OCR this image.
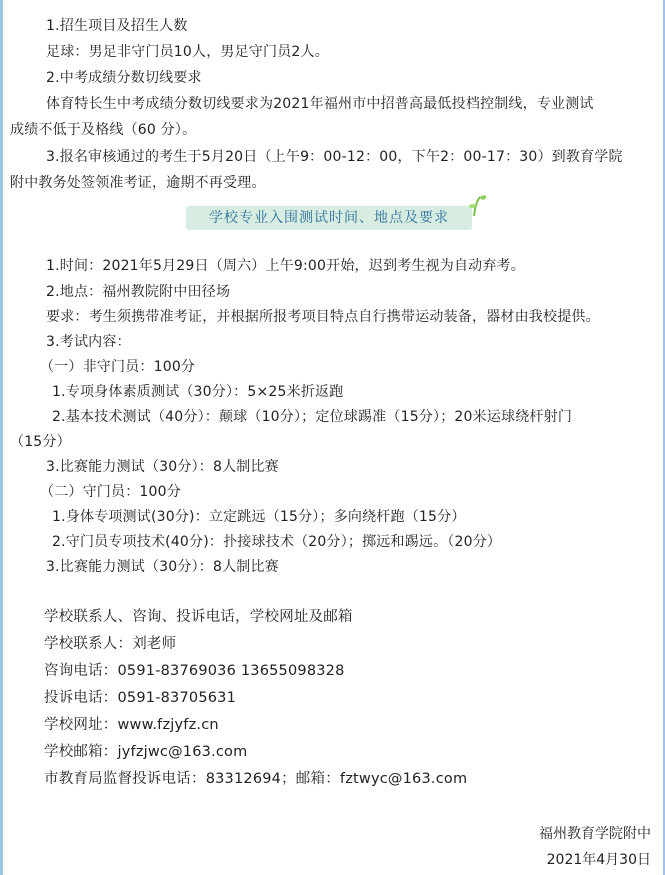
1.招生项目及招生人数
足球：男足非守门员10人，男足守门员2人。
2.中考成绩分数切线要求
体育特长生中考成绩分数切线要求为2021年福州市中招普高最低投档控制线，专业测试
成绩不低于及格线（60 分）。
3.报名审核通过的考生于5月20日（上午9：00-12：00，下午2：00-17：30）到教育学院
附中教务处签领准考证，逾期不再受理。
学校专业入围测试时间、地点及要求
1.时间：2021年5月29日（周六）上午9:00开始，迟到考生视为自动弃考。
2.地点：福州教院附中田径场
要求：考生须携带准考证，并根据所报考项目特点自行携带运动装备，器材由我校提供。
3.考试内容：
（一）非守门员：100分
1.专项身体素质测试（30分）：5×25米折返跑
2.基本技术测试（40分）：颠球（10分）；定位球踢准（15分）；20米运球绕杆射门
（15分）
3.比赛能力测试（30分）：8人制比赛
（二）守门员：100分
1.身体专项测试(30分)：立定跳远（15分）；多向绕杆跑（15分）
2.守门员专项技术(40分)：扑接球技术（20分）；掷远和踢远。（20分）
3.比赛能力测试（30分）：8人制比赛
学校联系人、咨询、投诉电话，学校网址及邮箱
学校联系人：刘老师
咨询电话：0591-83769036 13655098328
投诉电话：0591-83705631
学校网址：www.fzjyfz.cn
学校邮箱：jyfzjwc@163.com
市教育局监督投诉电话：83312694；邮箱：fztwyc@163.com
福州教育学院附中
2021年4月30日
